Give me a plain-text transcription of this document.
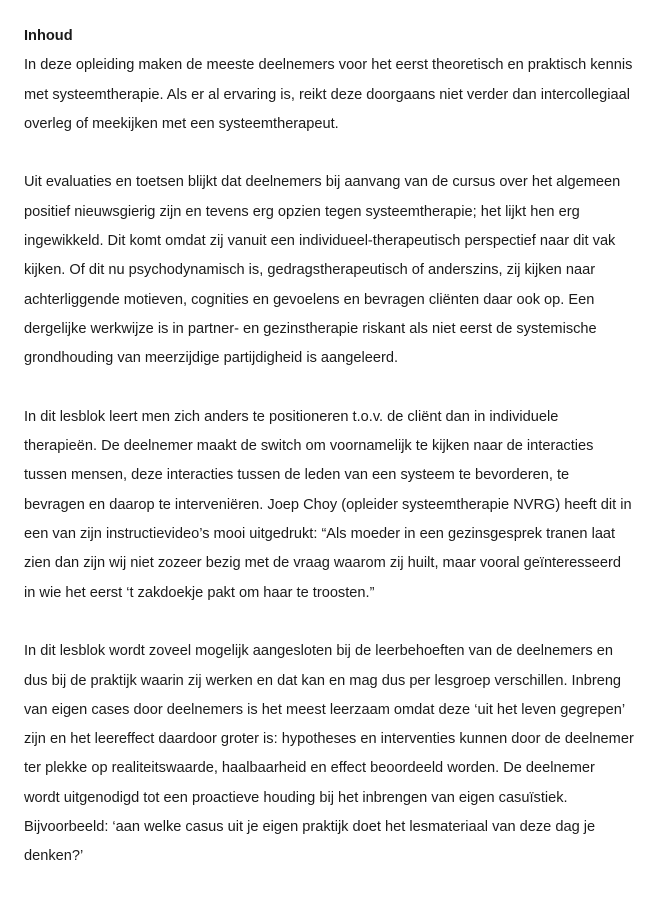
Inhoud

In deze opleiding maken de meeste deelnemers voor het eerst theoretisch en praktisch kennis met systeemtherapie. Als er al ervaring is, reikt deze doorgaans niet verder dan intercollegiaal overleg of meekijken met een systeemtherapeut.

Uit evaluaties en toetsen blijkt dat deelnemers bij aanvang van de cursus over het algemeen positief nieuwsgierig zijn en tevens erg opzien tegen systeemtherapie; het lijkt hen erg ingewikkeld. Dit komt omdat zij vanuit een individueel-therapeutisch perspectief naar dit vak kijken. Of dit nu psychodynamisch is, gedragstherapeutisch of anderszins, zij kijken naar achterliggende motieven, cognities en gevoelens en bevragen cliënten daar ook op. Een dergelijke werkwijze is in partner- en gezinstherapie riskant als niet eerst de systemische grondhouding van meerzijdige partijdigheid is aangeleerd.

In dit lesblok leert men zich anders te positioneren t.o.v. de cliënt dan in individuele therapieën. De deelnemer maakt de switch om voornamelijk te kijken naar de interacties tussen mensen, deze interacties tussen de leden van een systeem te bevorderen, te bevragen en daarop te interveniëren. Joep Choy (opleider systeemtherapie NVRG) heeft dit in een van zijn instructievideo’s mooi uitgedrukt: “Als moeder in een gezinsgesprek tranen laat zien dan zijn wij niet zozeer bezig met de vraag waarom zij huilt, maar vooral geïnteresseerd in wie het eerst ‘t zakdoekje pakt om haar te troosten.”

In dit lesblok wordt zoveel mogelijk aangesloten bij de leerbehoeften van de deelnemers en dus bij de praktijk waarin zij werken en dat kan en mag dus per lesgroep verschillen. Inbreng van eigen cases door deelnemers is het meest leerzaam omdat deze ‘uit het leven gegrepen’ zijn en het leereffect daardoor groter is: hypotheses en interventies kunnen door de deelnemer ter plekke op realiteitswaarde, haalbaarheid en effect beoordeeld worden. De deelnemer wordt uitgenodigd tot een proactieve houding bij het inbrengen van eigen casuïstiek. Bijvoorbeeld: ‘aan welke casus uit je eigen praktijk doet het lesmateriaal van deze dag je denken?’
